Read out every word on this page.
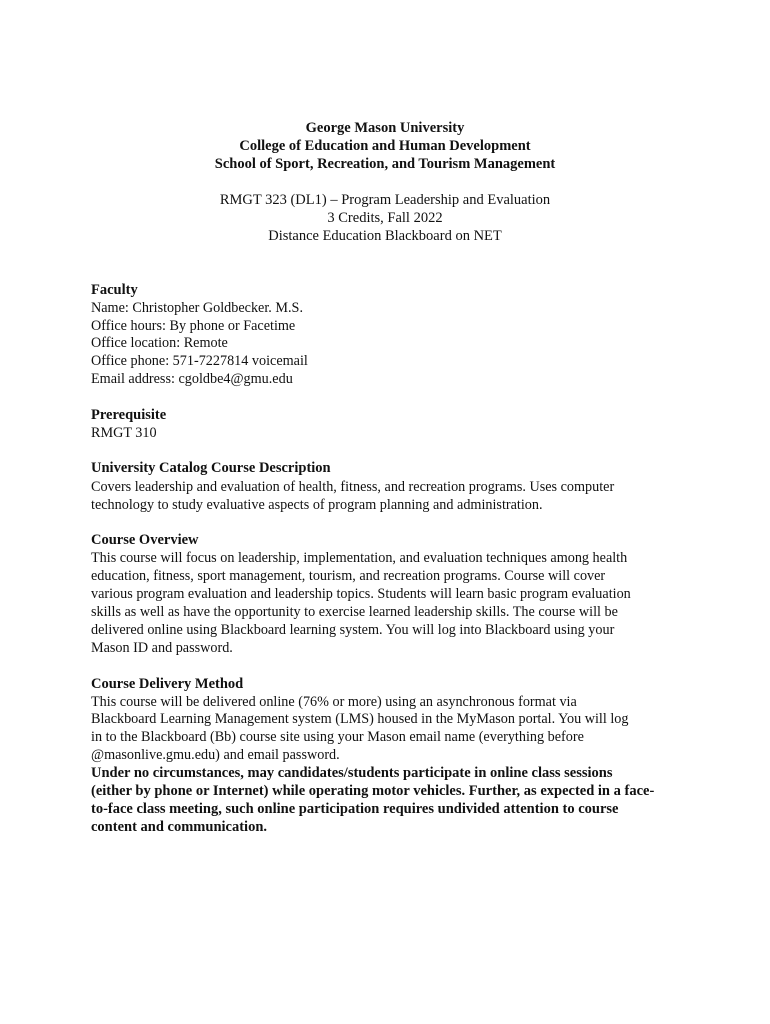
George Mason University
College of Education and Human Development
School of Sport, Recreation, and Tourism Management
RMGT 323 (DL1) – Program Leadership and Evaluation
3 Credits, Fall 2022
Distance Education Blackboard on NET
Faculty
Name: Christopher Goldbecker. M.S.
Office hours: By phone or Facetime
Office location: Remote
Office phone: 571-7227814 voicemail
Email address: cgoldbe4@gmu.edu
Prerequisite
RMGT 310
University Catalog Course Description
Covers leadership and evaluation of health, fitness, and recreation programs. Uses computer
technology to study evaluative aspects of program planning and administration.
Course Overview
This course will focus on leadership, implementation, and evaluation techniques among health
education, fitness, sport management, tourism, and recreation programs. Course will cover
various program evaluation and leadership topics. Students will learn basic program evaluation
skills as well as have the opportunity to exercise learned leadership skills. The course will be
delivered online using Blackboard learning system. You will log into Blackboard using your
Mason ID and password.
Course Delivery Method
This course will be delivered online (76% or more) using an asynchronous format via
Blackboard Learning Management system (LMS) housed in the MyMason portal. You will log
in to the Blackboard (Bb) course site using your Mason email name (everything before
@masonlive.gmu.edu) and email password.
Under no circumstances, may candidates/students participate in online class sessions
(either by phone or Internet) while operating motor vehicles. Further, as expected in a face-
to-face class meeting, such online participation requires undivided attention to course
content and communication.
